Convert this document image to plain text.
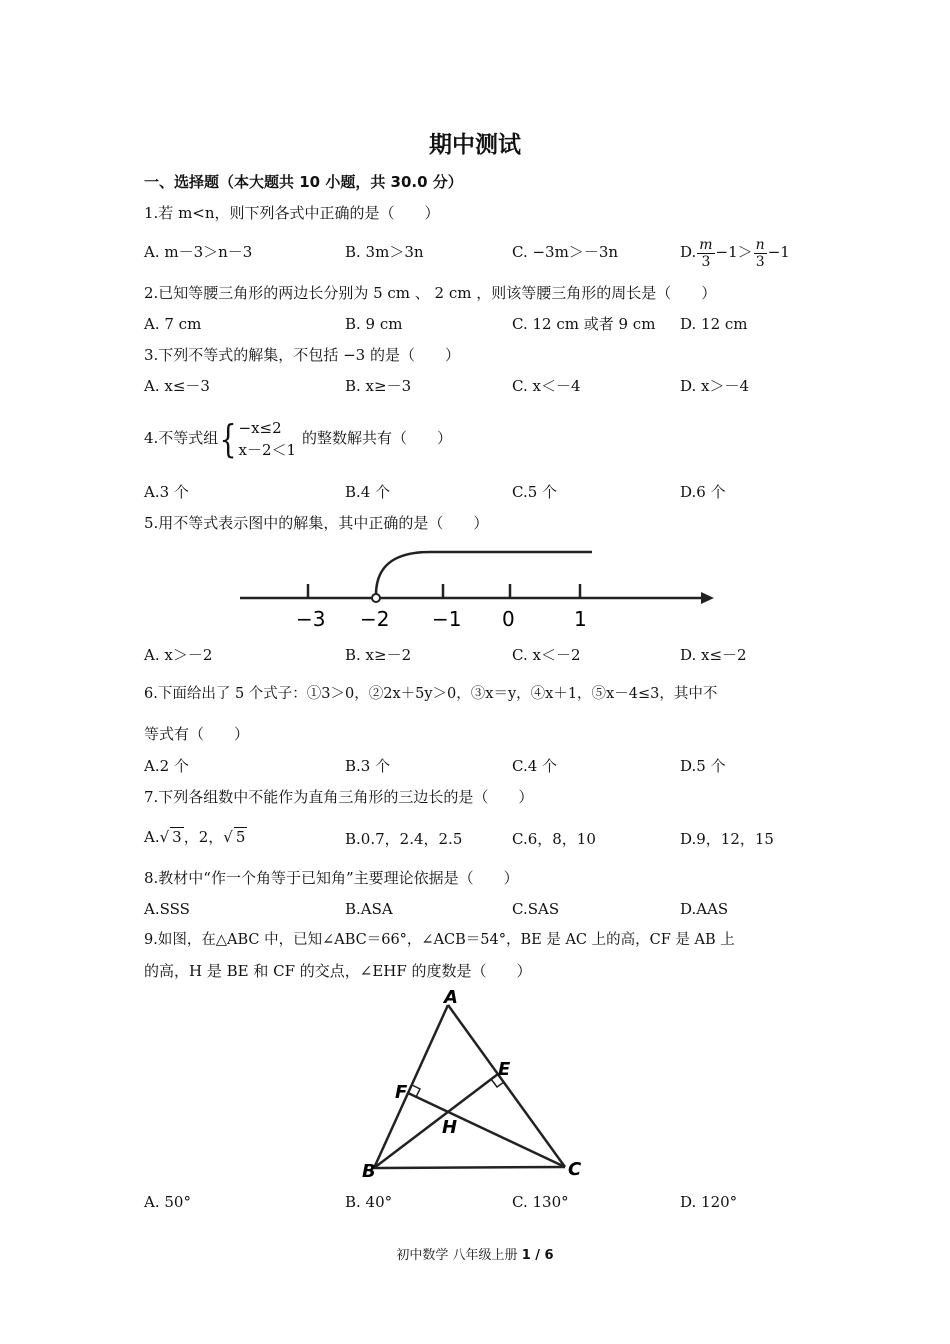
期中测试
一、选择题（本大题共 10 小题，共 30.0 分）
1.若 m<n，则下列各式中正确的是（　　）
A. m－3＞n－3	B. 3m＞3n	C. −3m＞－3n	D. $\frac{m}{3} -1> \frac{n}{3} -1$
2.已知等腰三角形的两边长分别为 5 cm 、 2 cm ，则该等腰三角形的周长是（　　）
A. 7 cm	B. 9 cm	C. 12 cm 或者 9 cm D. 12 cm
3.下列不等式的解集，不包括 −3 的是（　　）
A. x≤－3	B. x≥－3	C. x＜－4	D. x＞－4
4.不等式组{ −x≤2
x－2＜1
的整数解共有（　　）
A.3 个	B.4 个	C.5 个	D.6 个
5.用不等式表示图中的解集，其中正确的是（　　）
−3 −2 −1 0	1
A. x＞－2	B. x≥－2	C. x＜－2	D. x≤－2
6.下面给出了 5 个式子：①3＞0，②2x＋5y＞0，③x＝y，④x＋1，⑤x－4≤3，其中不
等式有（　　）
A.2 个	B.3 个	C.4 个	D.5 个
7.下列各组数中不能作为直角三角形的三边长的是（　　）
A.√ 3 ，2，√ 5	B.0.7，2.4，2.5	C.6，8，10	D.9，12，15
8.教材中“作一个角等于已知角”主要理论依据是（　　）
A.SSS	B.ASA	C.SAS	D.AAS
9.如图，在△ABC 中，已知∠ABC＝66°，∠ACB＝54°，BE 是 AC 上的高，CF 是 AB 上
的高，H 是 BE 和 CF 的交点，∠EHF 的度数是（　　）
A
E
F
H
B	C
A. 50°	B. 40°	C. 130°	D. 120°
初中数学 八年级上册 1 / 6
